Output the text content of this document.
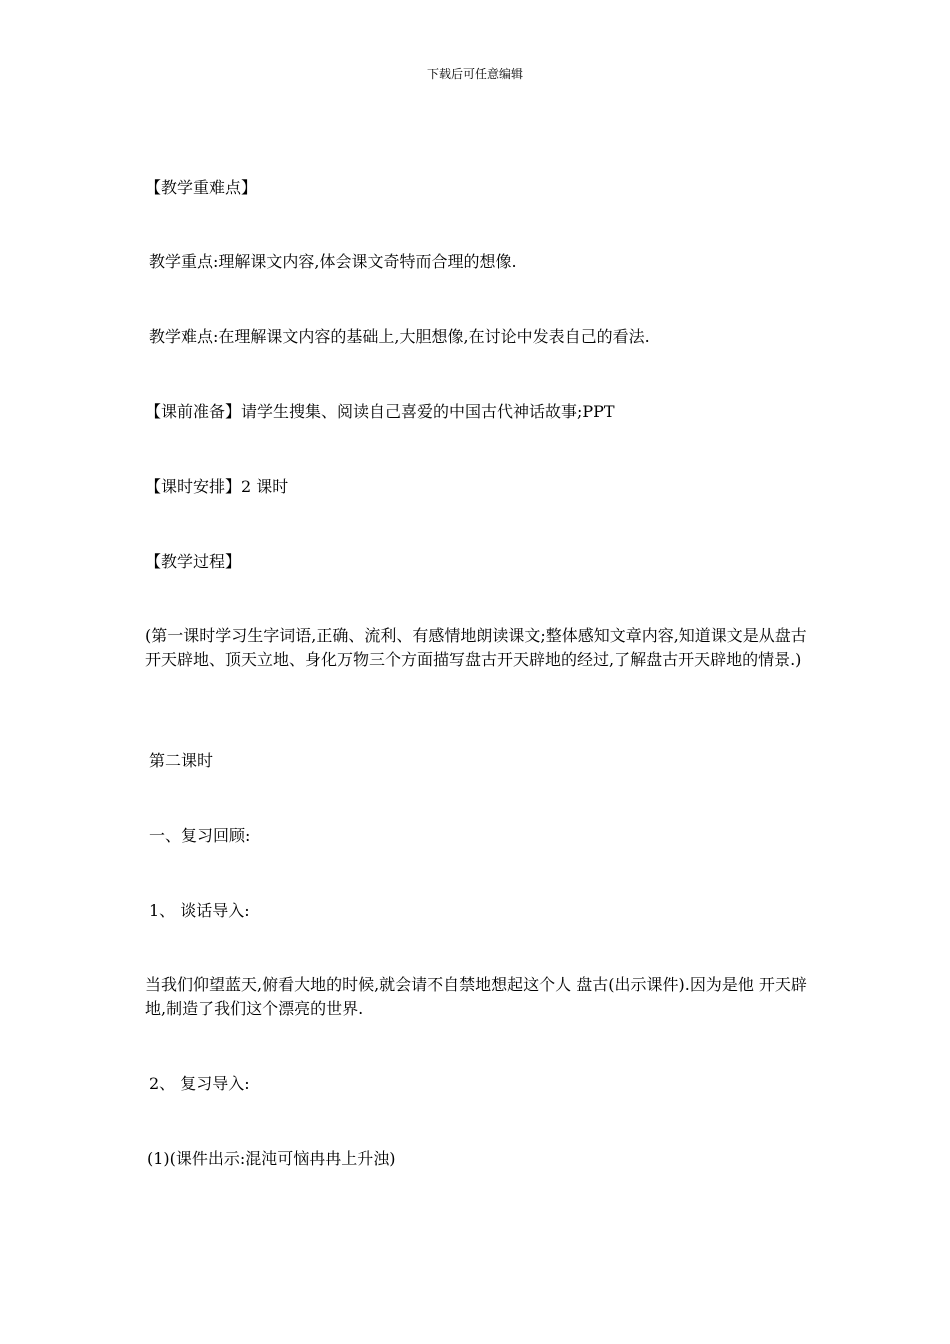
下载后可任意编辑

【教学重难点】

教学重点:理解课文内容,体会课文奇特而合理的想像.

教学难点:在理解课文内容的基础上,大胆想像,在讨论中发表自己的看法.

【课前准备】请学生搜集、阅读自己喜爱的中国古代神话故事;PPT

【课时安排】2 课时

【教学过程】

(第一课时学习生字词语,正确、流利、有感情地朗读课文;整体感知文章内容,知道课文是从盘古开天辟地、顶天立地、身化万物三个方面描写盘古开天辟地的经过,了解盘古开天辟地的情景.)

第二课时

一、复习回顾:

1、 谈话导入:

当我们仰望蓝天,俯看大地的时候,就会请不自禁地想起这个人 盘古(出示课件).因为是他 开天辟地,制造了我们这个漂亮的世界.

2、 复习导入:

(1)(课件出示:混沌可恼冉冉上升浊)
